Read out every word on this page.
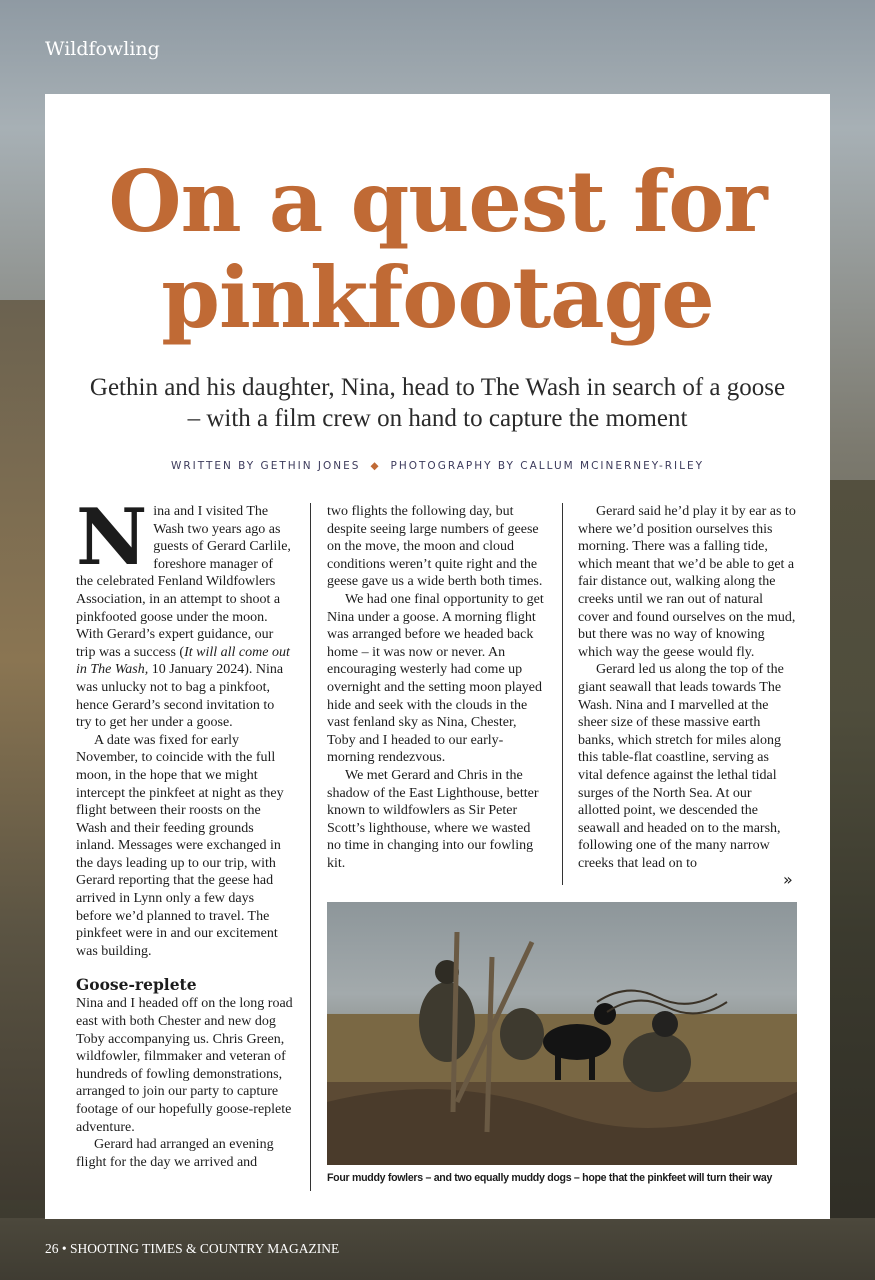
Wildfowling
On a quest for pinkfootage

Gethin and his daughter, Nina, head to The Wash in search of a goose – with a film crew on hand to capture the moment

WRITTEN BY GETHIN JONES ◆ PHOTOGRAPHY BY CALLUM MCINERNEY-RILEY

Nina and I visited The Wash two years ago as guests of Gerard Carlile, foreshore manager of the celebrated Fenland Wildfowlers Association, in an attempt to shoot a pinkfooted goose under the moon. With Gerard’s expert guidance, our trip was a success (It will all come out in The Wash, 10 January 2024). Nina was unlucky not to bag a pinkfoot, hence Gerard’s second invitation to try to get her under a goose.

A date was fixed for early November, to coincide with the full moon, in the hope that we might intercept the pinkfeet at night as they flight between their roosts on the Wash and their feeding grounds inland. Messages were exchanged in the days leading up to our trip, with Gerard reporting that the geese had arrived in Lynn only a few days before we’d planned to travel. The pinkfeet were in and our excitement was building.

Goose-replete

Nina and I headed off on the long road east with both Chester and new dog Toby accompanying us. Chris Green, wildfowler, filmmaker and veteran of hundreds of fowling demonstrations, arranged to join our party to capture footage of our hopefully goose-replete adventure.

Gerard had arranged an evening flight for the day we arrived and

two flights the following day, but despite seeing large numbers of geese on the move, the moon and cloud conditions weren’t quite right and the geese gave us a wide berth both times.

We had one final opportunity to get Nina under a goose. A morning flight was arranged before we headed back home – it was now or never. An encouraging westerly had come up overnight and the setting moon played hide and seek with the clouds in the vast fenland sky as Nina, Chester, Toby and I headed to our early-morning rendezvous.

We met Gerard and Chris in the shadow of the East Lighthouse, better known to wildfowlers as Sir Peter Scott’s lighthouse, where we wasted no time in changing into our fowling kit.

Gerard said he’d play it by ear as to where we’d position ourselves this morning. There was a falling tide, which meant that we’d be able to get a fair distance out, walking along the creeks until we ran out of natural cover and found ourselves on the mud, but there was no way of knowing which way the geese would fly.

Gerard led us along the top of the giant seawall that leads towards The Wash. Nina and I marvelled at the sheer size of these massive earth banks, which stretch for miles along this table-flat coastline, serving as vital defence against the lethal tidal surges of the North Sea. At our allotted point, we descended the seawall and headed on to the marsh, following one of the many narrow creeks that lead on to

»
Four muddy fowlers – and two equally muddy dogs – hope that the pinkfeet will turn their way
26 • SHOOTING TIMES & COUNTRY MAGAZINE
